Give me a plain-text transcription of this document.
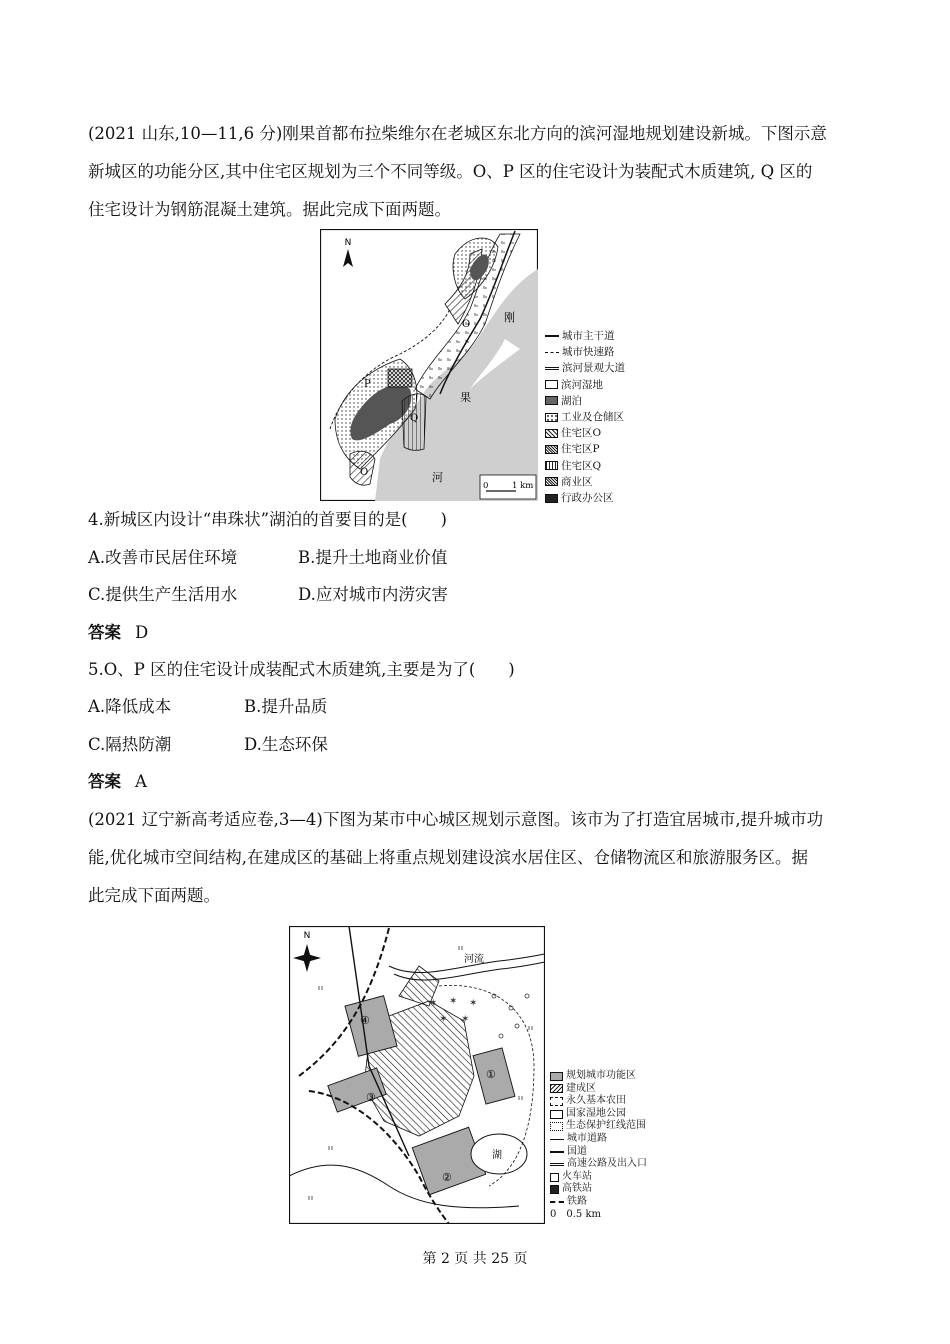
(2021 山东,10—11,6 分)刚果首都布拉柴维尔在老城区东北方向的滨河湿地规划建设新城。下图示意
新城区的功能分区,其中住宅区规划为三个不同等级。O、P 区的住宅设计为装配式木质建筑, Q 区的
住宅设计为钢筋混凝土建筑。据此完成下面两题。
N
O
P
Q
O
刚
果
河
0	1 km
城市主干道
城市快速路
滨河景观大道
滨河湿地
湖泊
工业及仓储区
住宅区O
住宅区P
住宅区Q
商业区
行政办公区
4.新城区内设计“串珠状”湖泊的首要目的是(　　)
A.改善市民居住环境	B.提升土地商业价值
C.提供生产生活用水	D.应对城市内涝灾害
答案 D
5.O、P 区的住宅设计成装配式木质建筑,主要是为了(　　)
A.降低成本	B.提升品质
C.隔热防潮	D.生态环保
答案 A
(2021 辽宁新高考适应卷,3—4)下图为某市中心城区规划示意图。该市为了打造宜居城市,提升城市功
能,优化城市空间结构,在建成区的基础上将重点规划建设滨水居住区、仓储物流区和旅游服务区。据
此完成下面两题。
✶ ✶ ✶
✶ ✶
N
河流
湖
①
②
③
④
规划城市功能区
建成区
永久基本农田
国家湿地公园
生态保护红线范围
城市道路
国道
高速公路及出入口
火车站
高铁站
铁路
0　0.5 km
第 2 页 共 25 页
